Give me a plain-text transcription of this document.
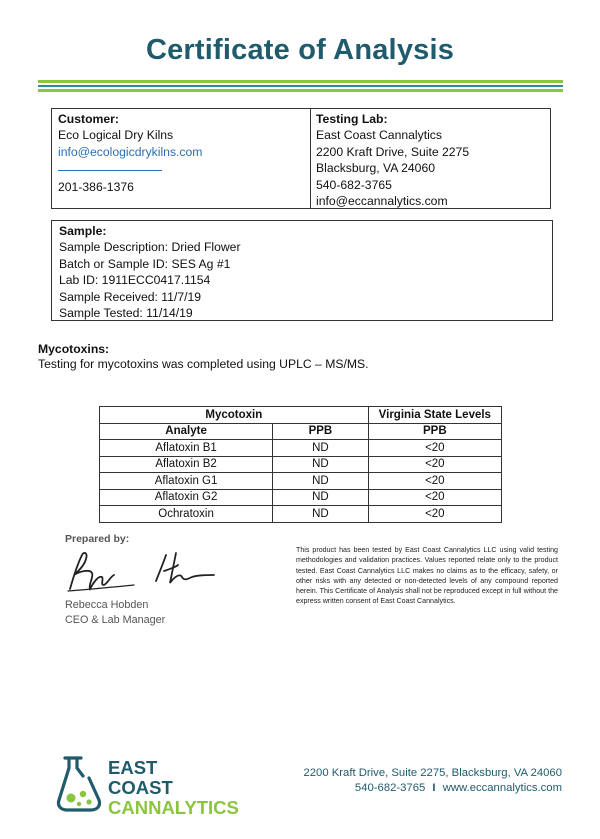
Certificate of Analysis
Customer:
Eco Logical Dry Kilns
info@ecologicdrykilns.com
201-386-1376
Testing Lab:
East Coast Cannalytics
2200 Kraft Drive, Suite 2275
Blacksburg, VA 24060
540-682-3765
info@eccannalytics.com
Sample:
Sample Description: Dried Flower
Batch or Sample ID: SES Ag #1
Lab ID: 1911ECC0417.1154
Sample Received: 11/7/19
Sample Tested: 11/14/19
Mycotoxins:
Testing for mycotoxins was completed using UPLC – MS/MS.
Mycotoxin		Virginia State Levels
Analyte	PPB	PPB
Aflatoxin B1	ND	<20
Aflatoxin B2	ND	<20
Aflatoxin G1	ND	<20
Aflatoxin G2	ND	<20
Ochratoxin	ND	<20
Prepared by:
Rebecca Hobden
CEO & Lab Manager
This product has been tested by East Coast Cannalytics LLC using valid testing methodologies and validation practices. Values reported relate only to the product tested. East Coast Cannalytics LLC makes no claims as to the efficacy, safety, or other risks with any detected or non-detected levels of any compound reported herein. This Certificate of Analysis shall not be reproduced except in full without the express written consent of East Coast Cannalytics.
EAST
COAST
CANNALYTICS
2200 Kraft Drive, Suite 2275, Blacksburg, VA 24060
540-682-3765 I www.eccannalytics.com
